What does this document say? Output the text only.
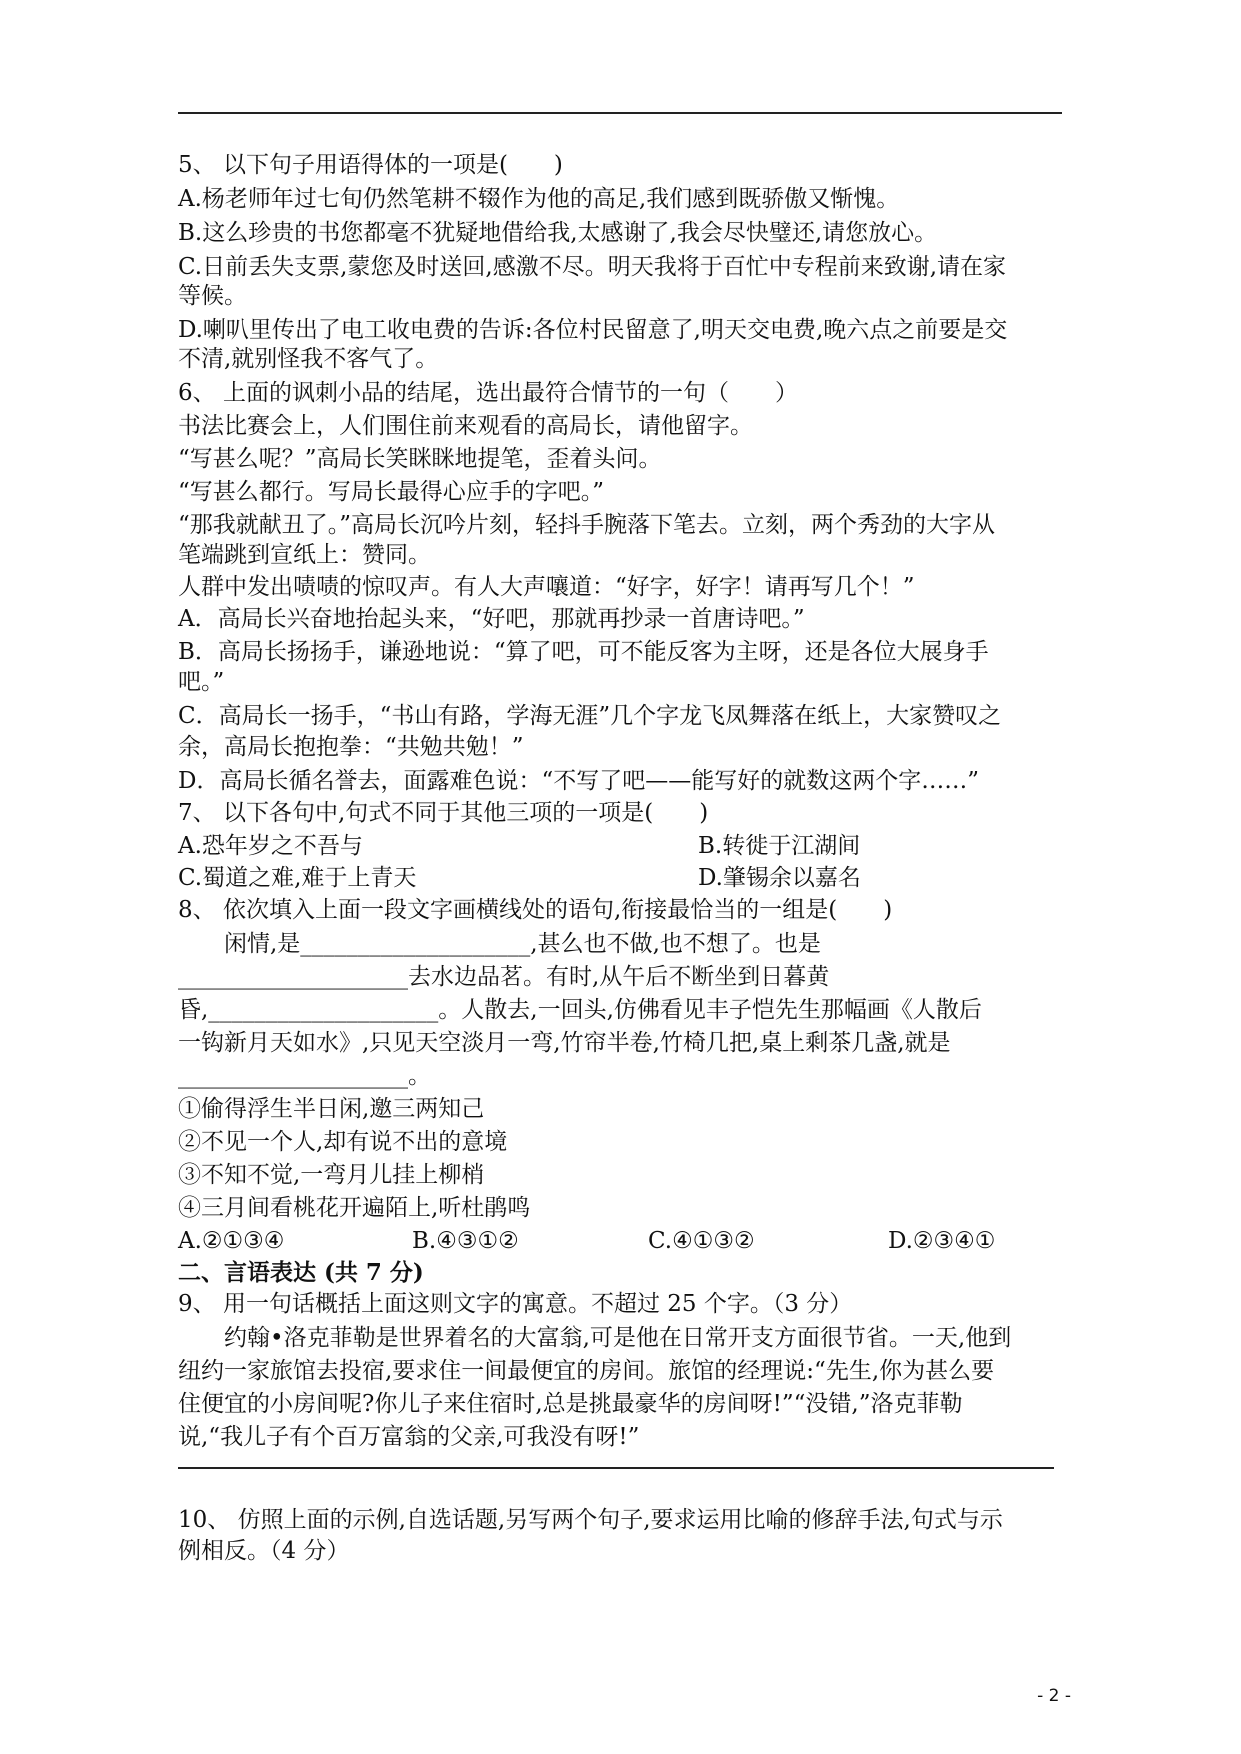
5、 以下句子用语得体的一项是(　　)
A.杨老师年过七旬仍然笔耕不辍作为他的高足,我们感到既骄傲又惭愧。
B.这么珍贵的书您都毫不犹疑地借给我,太感谢了,我会尽快璧还,请您放心。
C.日前丢失支票,蒙您及时送回,感激不尽。明天我将于百忙中专程前来致谢,请在家
等候。
D.喇叭里传出了电工收电费的告诉:各位村民留意了,明天交电费,晚六点之前要是交
不清,就别怪我不客气了。
6、 上面的讽刺小品的结尾，选出最符合情节的一句（　　）
书法比赛会上，人们围住前来观看的高局长，请他留字。
“写甚么呢？”高局长笑眯眯地提笔，歪着头问。
“写甚么都行。写局长最得心应手的字吧。”
“那我就献丑了。”高局长沉吟片刻，轻抖手腕落下笔去。立刻，两个秀劲的大字从
笔端跳到宣纸上：赞同。
人群中发出啧啧的惊叹声。有人大声嚷道：“好字，好字！请再写几个！”
A．高局长兴奋地抬起头来，“好吧，那就再抄录一首唐诗吧。”
B．高局长扬扬手，谦逊地说：“算了吧，可不能反客为主呀，还是各位大展身手
吧。”
C．高局长一扬手，“书山有路，学海无涯”几个字龙飞凤舞落在纸上，大家赞叹之
余，高局长抱抱拳：“共勉共勉！”
D．高局长循名誉去，面露难色说：“不写了吧——能写好的就数这两个字……”
7、 以下各句中,句式不同于其他三项的一项是(　　)
A.恐年岁之不吾与	B.转徙于江湖间
C.蜀道之难,难于上青天	D.肇锡余以嘉名
8、 依次填入上面一段文字画横线处的语句,衔接最恰当的一组是(　　)
闲情,是____________________,甚么也不做,也不想了。也是
____________________去水边品茗。有时,从午后不断坐到日暮黄
昏,____________________。人散去,一回头,仿佛看见丰子恺先生那幅画《人散后
一钩新月天如水》,只见天空淡月一弯,竹帘半卷,竹椅几把,桌上剩茶几盏,就是
____________________。
①偷得浮生半日闲,邀三两知己
②不见一个人,却有说不出的意境
③不知不觉,一弯月儿挂上柳梢
④三月间看桃花开遍陌上,听杜鹃鸣
A.②①③④	B.④③①②	C.④①③②	D.②③④①
二、言语表达 (共 7 分)
9、 用一句话概括上面这则文字的寓意。不超过 25 个字。（3 分）
约翰•洛克菲勒是世界着名的大富翁,可是他在日常开支方面很节省。一天,他到
纽约一家旅馆去投宿,要求住一间最便宜的房间。旅馆的经理说:“先生,你为甚么要
住便宜的小房间呢?你儿子来住宿时,总是挑最豪华的房间呀!”“没错,”洛克菲勒
说,“我儿子有个百万富翁的父亲,可我没有呀!”
10、 仿照上面的示例,自选话题,另写两个句子,要求运用比喻的修辞手法,句式与示
例相反。（4 分）
- 2 -
